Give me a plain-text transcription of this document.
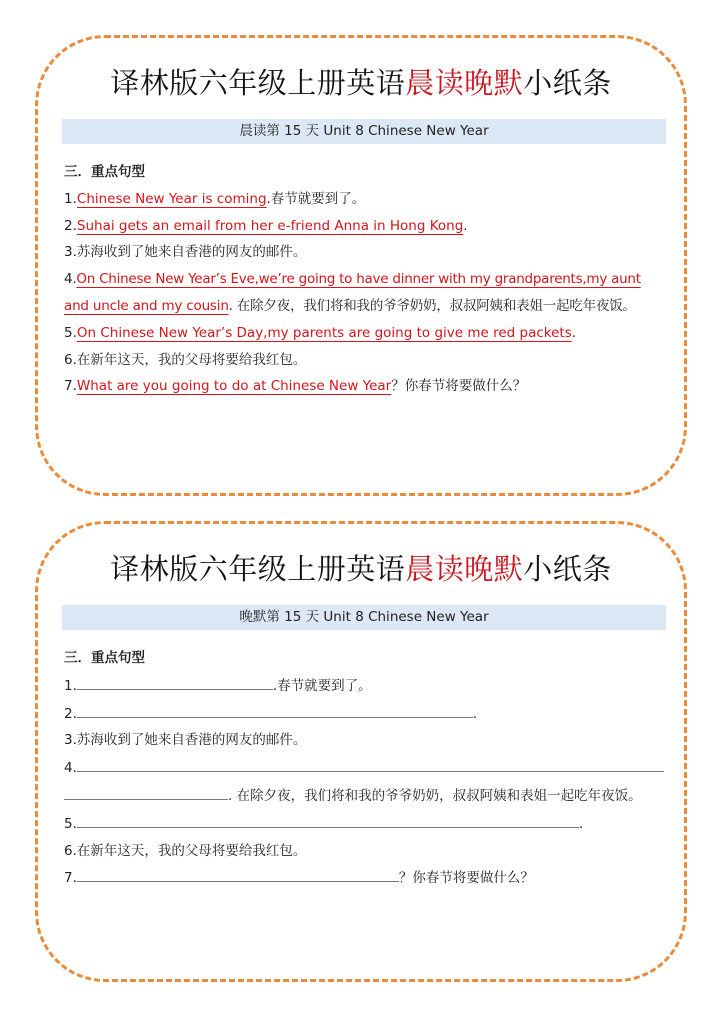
译林版六年级上册英语晨读晚默小纸条
晨读第 15 天 Unit 8 Chinese New Year
三．重点句型
1.Chinese New Year is coming.春节就要到了。
2.Suhai gets an email from her e-friend Anna in Hong Kong.
3.苏海收到了她来自香港的网友的邮件。
4.On Chinese New Year’s Eve,we’re going to have dinner with my grandparents,my aunt
and uncle and my cousin. 在除夕夜，我们将和我的爷爷奶奶，叔叔阿姨和表姐一起吃年夜饭。
5.On Chinese New Year’s Day,my parents are going to give me red packets.
6.在新年这天，我的父母将要给我红包。
7.What are you going to do at Chinese New Year？你春节将要做什么？
译林版六年级上册英语晨读晚默小纸条
晚默第 15 天 Unit 8 Chinese New Year
三．重点句型
1.	.春节就要到了。
2.	.
3.苏海收到了她来自香港的网友的邮件。
4.
. 在除夕夜，我们将和我的爷爷奶奶，叔叔阿姨和表姐一起吃年夜饭。
5.	.
6.在新年这天，我的父母将要给我红包。
7.	？你春节将要做什么？
